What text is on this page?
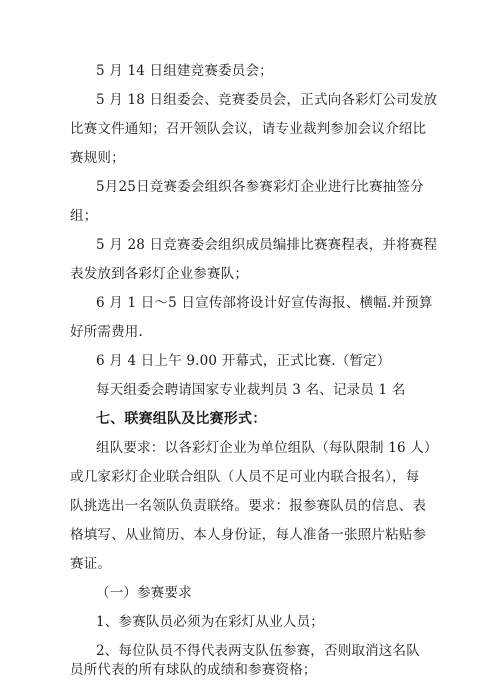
5 月 14 日组建竞赛委员会；
5 月 18 日组委会、竞赛委员会，正式向各彩灯公司发放
比赛文件通知；召开领队会议，请专业裁判参加会议介绍比
赛规则；
5月25日竞赛委会组织各参赛彩灯企业进行比赛抽签分
组；
5 月 28 日竞赛委会组织成员编排比赛赛程表，并将赛程
表发放到各彩灯企业参赛队；
6 月 1 日～5 日宣传部将设计好宣传海报、横幅.并预算
好所需费用.
6 月 4 日上午 9.00 开幕式，正式比赛.（暂定）
每天组委会聘请国家专业裁判员 3 名、记录员 1 名
七、联赛组队及比赛形式：
组队要求：以各彩灯企业为单位组队（每队限制 16 人）
或几家彩灯企业联合组队（人员不足可业内联合报名），每
队挑选出一名领队负责联络。要求：报参赛队员的信息、表
格填写、从业简历、本人身份证，每人准备一张照片粘贴参
赛证。
（一）参赛要求
1、参赛队员必须为在彩灯从业人员；
2、每位队员不得代表两支队伍参赛，否则取消这名队
员所代表的所有球队的成绩和参赛资格；
